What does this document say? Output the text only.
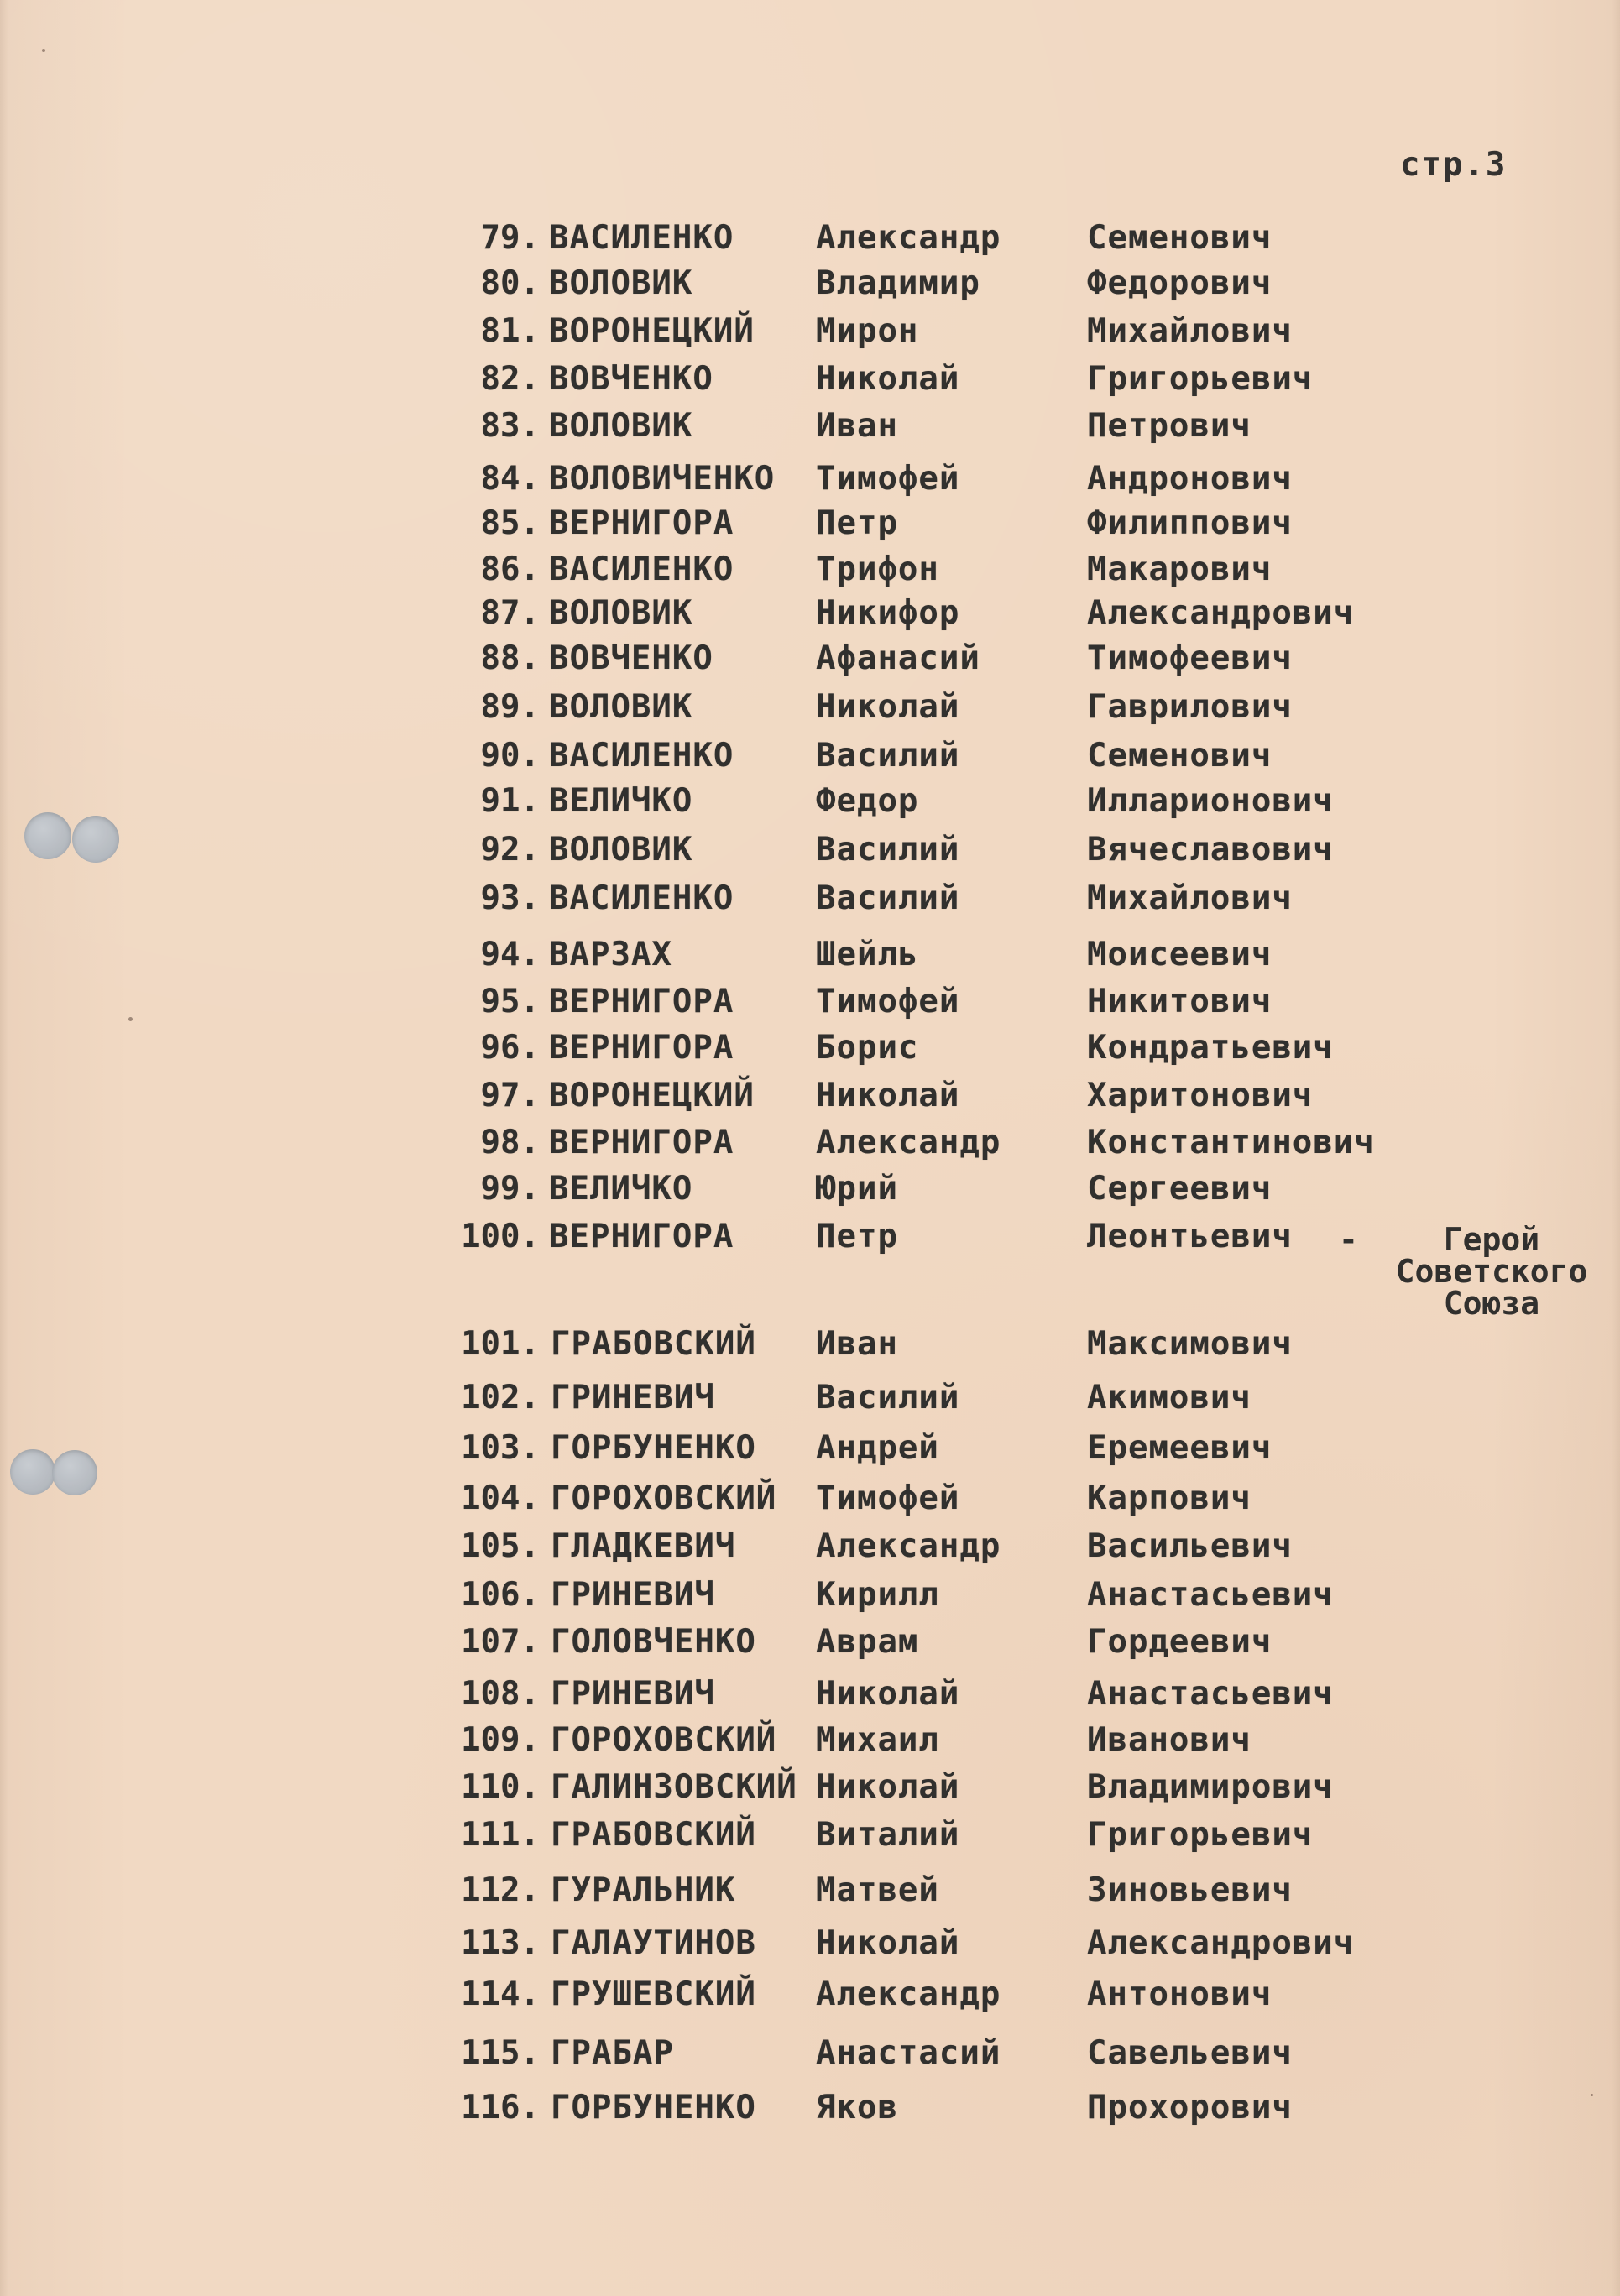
стр.3
79. ВАСИЛЕНКО	Александр	Семенович
80. ВОЛОВИК	Владимир	Федорович
81. ВОРОНЕЦКИЙ Мирон	Михайлович
82. ВОВЧЕНКО	Николай	Григорьевич
83. ВОЛОВИК	Иван	Петрович
84. ВОЛОВИЧЕНКО Тимофей	Андронович
85. ВЕРНИГОРА	Петр	Филиппович
86. ВАСИЛЕНКО	Трифон	Макарович
87. ВОЛОВИК	Никифор	Александрович
88. ВОВЧЕНКО	Афанасий	Тимофеевич
89. ВОЛОВИК	Николай	Гаврилович
90. ВАСИЛЕНКО	Василий	Семенович
91. ВЕЛИЧКО	Федор	Илларионович
92. ВОЛОВИК	Василий	Вячеславович
93. ВАСИЛЕНКО	Василий	Михайлович
94. ВАРЗАХ	Шейль	Моисеевич
95. ВЕРНИГОРА	Тимофей	Никитович
96. ВЕРНИГОРА	Борис	Кондратьевич
97. ВОРОНЕЦКИЙ Николай	Харитонович
98. ВЕРНИГОРА	Александр	Константинович
99. ВЕЛИЧКО	Юрий	Сергеевич
100. ВЕРНИГОРА	Петр	Леонтьевич -	Герой
Советского
Союза
101. ГРАБОВСКИЙ Иван	Максимович
102. ГРИНЕВИЧ	Василий	Акимович
103. ГОРБУНЕНКО Андрей	Еремеевич
104. ГОРОХОВСКИЙ Тимофей	Карпович
105. ГЛАДКЕВИЧ Александр	Васильевич
106. ГРИНЕВИЧ	Кирилл	Анастасьевич
107. ГОЛОВЧЕНКО Аврам	Гордеевич
108. ГРИНЕВИЧ	Николай	Анастасьевич
109. ГОРОХОВСКИЙ Михаил	Иванович
110. ГАЛИНЗОВСКИЙ Николай	Владимирович
111. ГРАБОВСКИЙ Виталий	Григорьевич
112. ГУРАЛЬНИК Матвей	Зиновьевич
113. ГАЛАУТИНОВ Николай	Александрович
114. ГРУШЕВСКИЙ Александр	Антонович
115. ГРАБАР	Анастасий	Савельевич
116. ГОРБУНЕНКО Яков	Прохорович
